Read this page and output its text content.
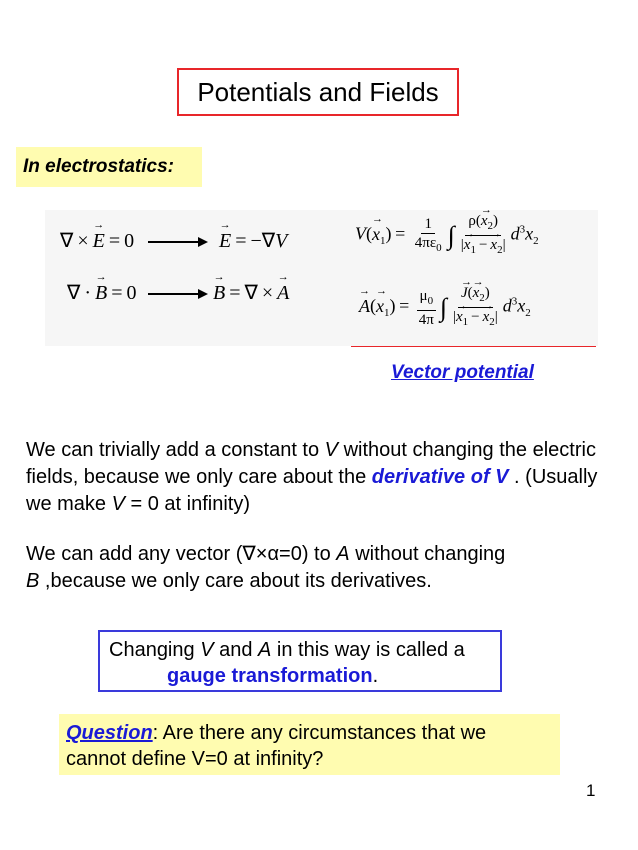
Potentials and Fields
In electrostatics:
∇ × → E = 0	→ E = −∇V
∇ · → B = 0	→ B = ∇ × → A
$V(\to x_1) = \frac{1}{4\pi\varepsilon_0}$ ∫ $\frac{\rho(\to x_2)}{|\to x_1 - \to x_2|} d^3x_2$
→ $A(\to x_1) = \frac{\mu_0}{4\pi}$ ∫ → $\frac{J(\to x_2)}{|\to x_1 - \to x_2|} d^3x_2$
Vector potential
We can trivially add a constant to V without changing the electric fields, because we only care about the derivative of V . (Usually we make V = 0 at infinity)
We can add any vector (∇×α=0) to A without changing
B ,because we only care about its derivatives.
Changing V and A in this way is called a
gauge transformation.
Question: Are there any circumstances that we
cannot define V=0 at infinity?
1
